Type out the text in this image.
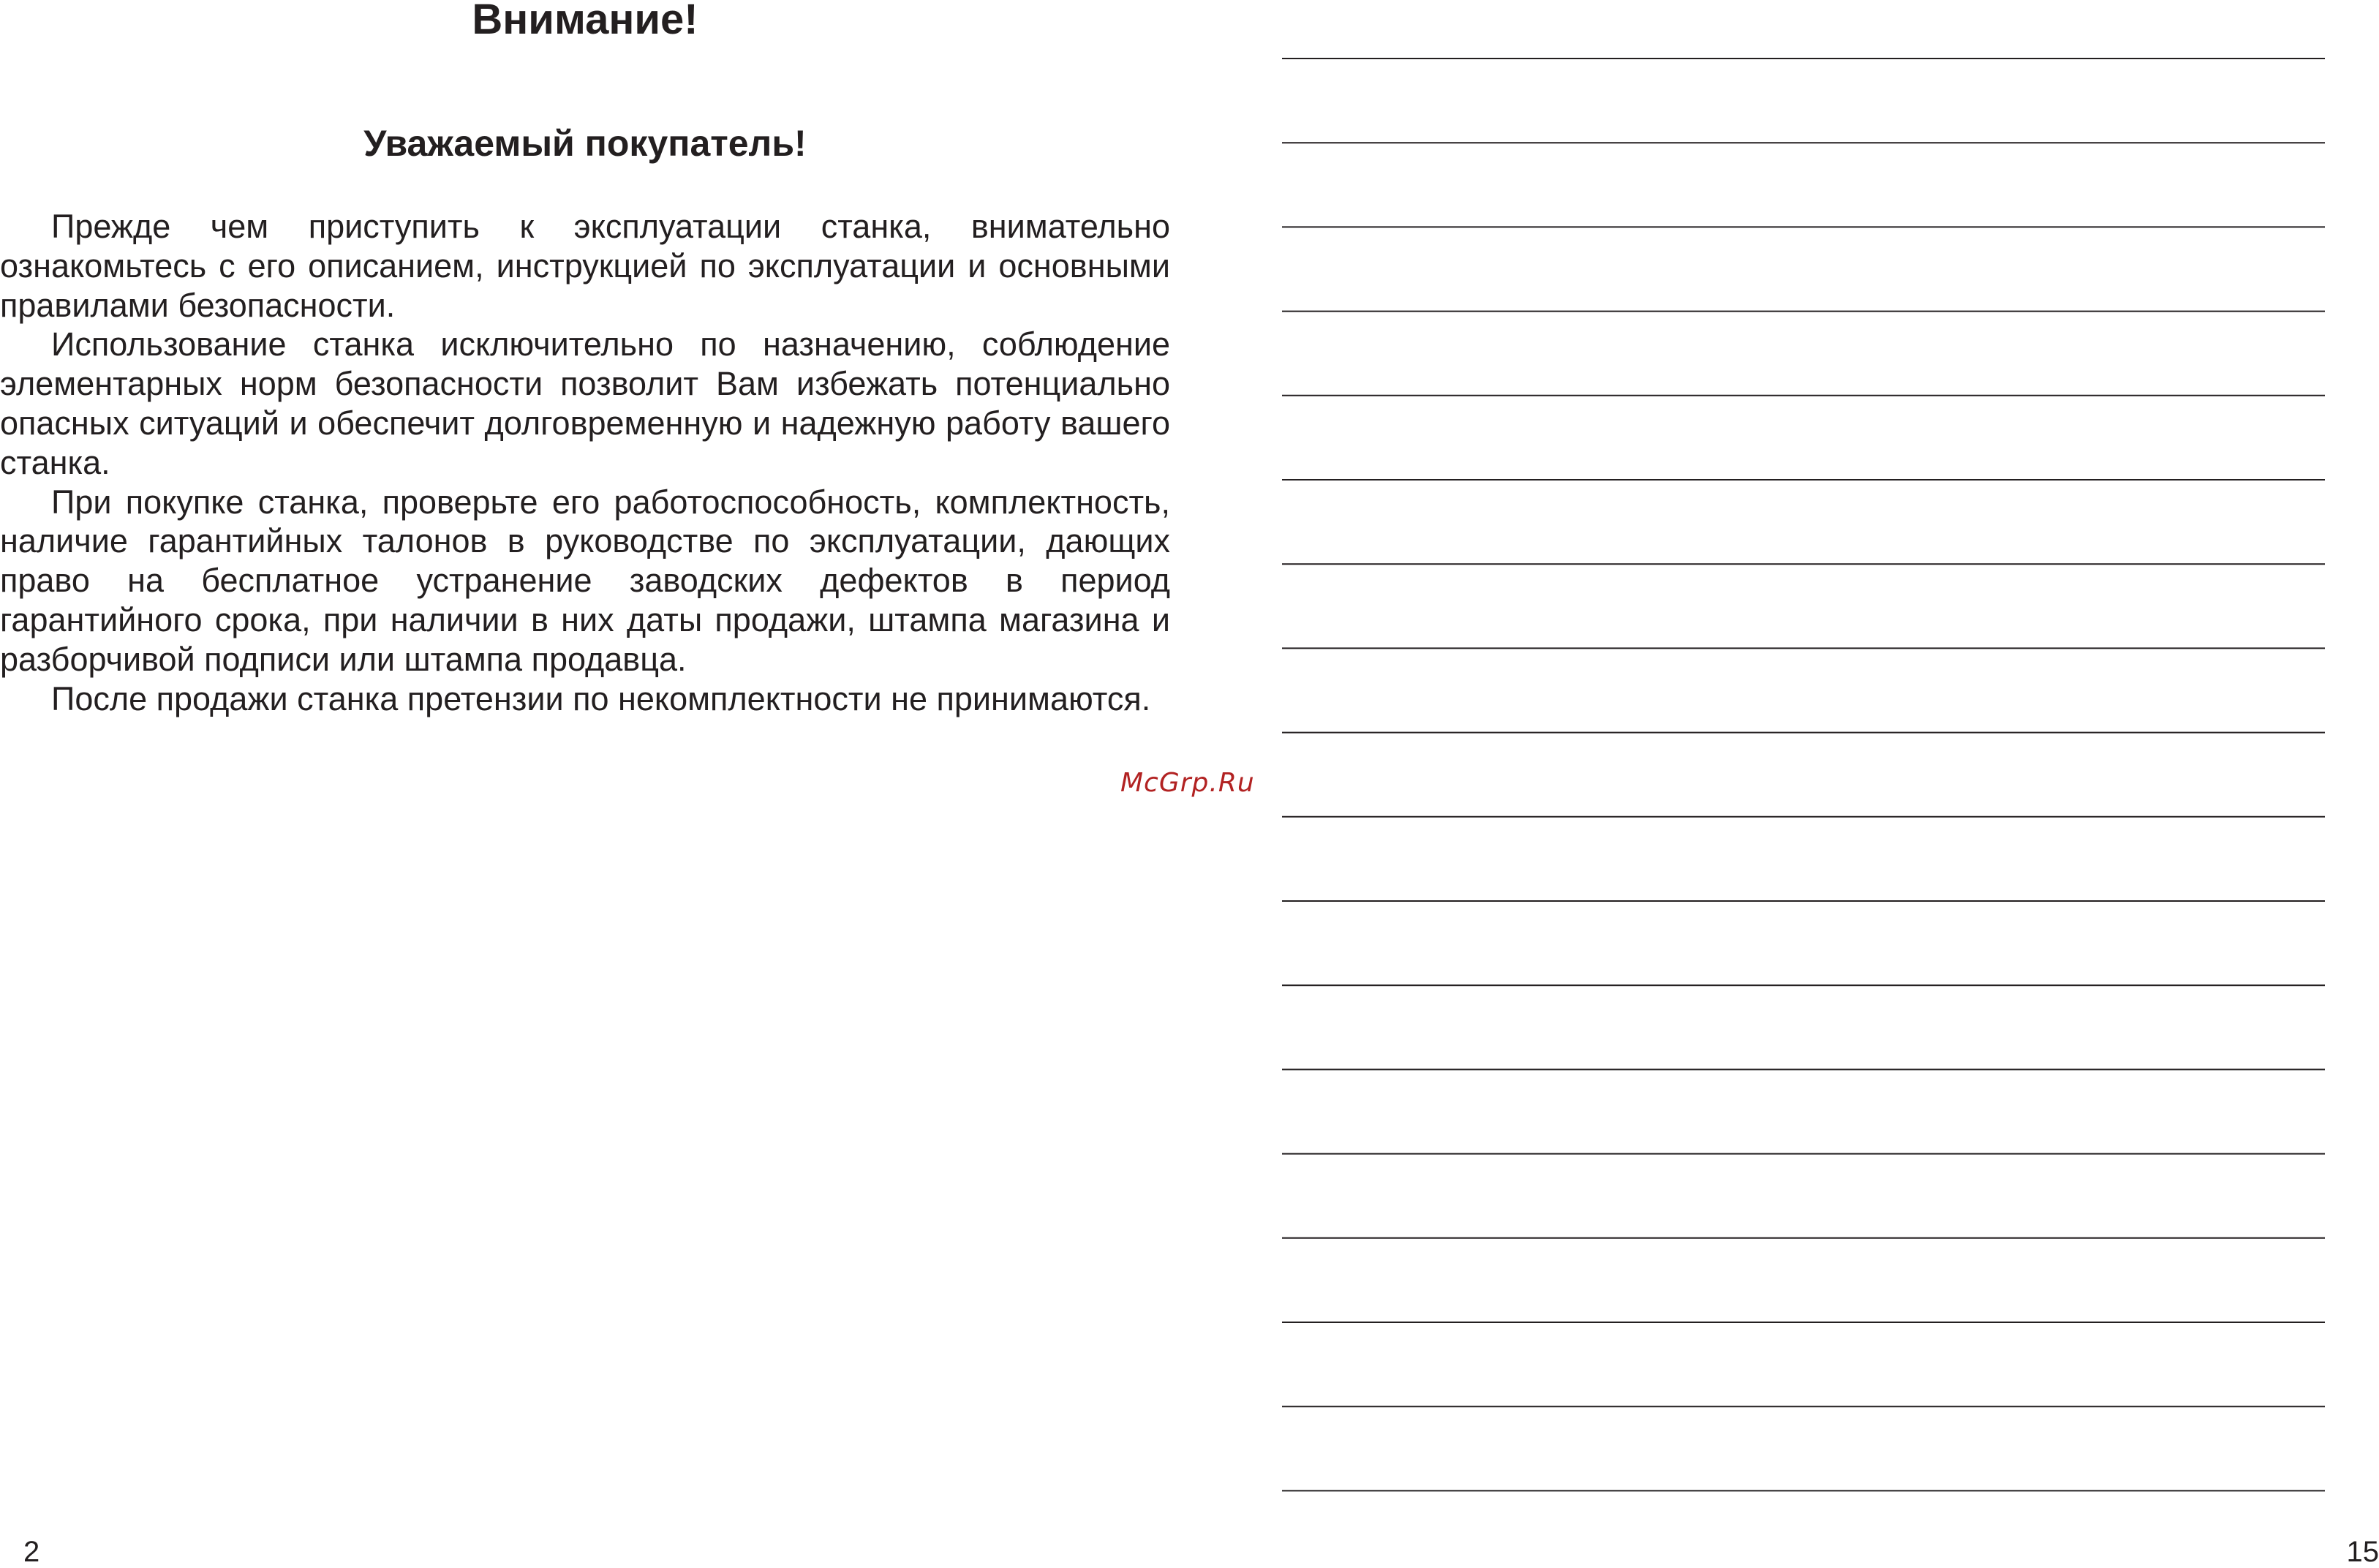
Внимание!
Уважаемый покупатель!

Прежде чем приступить к эксплуатации станка, внимательно ознакомьтесь с его описанием, инструкцией по эксплуатации и основными правилами безопасности.

Использование станка исключительно по назначению, соблюдение элементарных норм безопасности позволит Вам избежать потенциально опасных ситуаций и обеспечит долговременную и надежную работу вашего станка.

При покупке станка, проверьте его работоспособность, комплектность, наличие гарантийных талонов в руководстве по эксплуатации, дающих право на бесплатное устранение заводских дефектов в период гарантийного срока, при наличии в них даты продажи, штампа магазина и разборчивой подписи или штампа продавца.

После продажи станка претензии по некомплектности не принимаются.

2
McGrp.Ru
15
